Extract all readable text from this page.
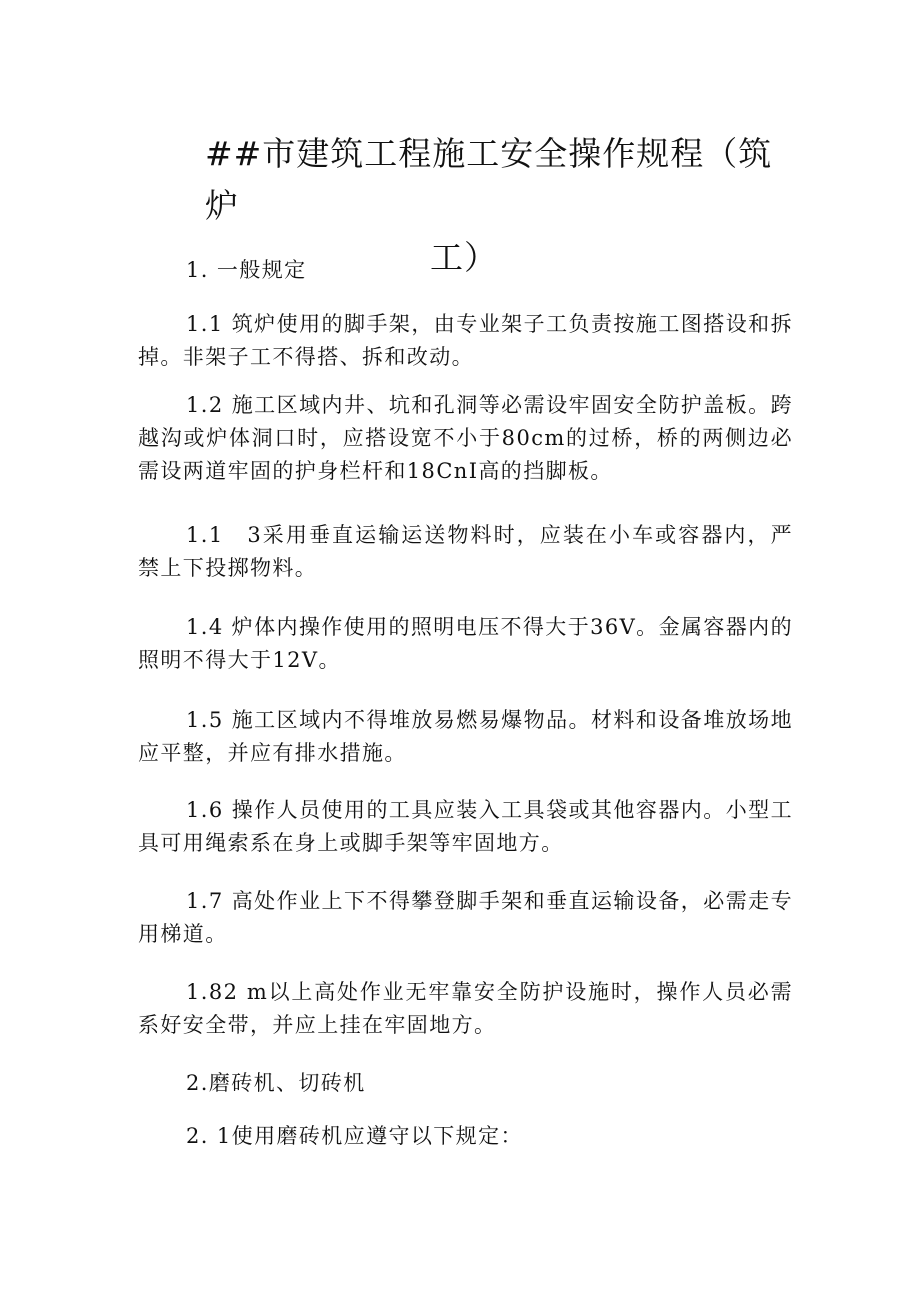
##市建筑工程施工安全操作规程（筑炉
工）

1. 一般规定

1.1 筑炉使用的脚手架，由专业架子工负责按施工图搭设和拆掉。非架子工不得搭、拆和改动。

1.2 施工区域内井、坑和孔洞等必需设牢固安全防护盖板。跨越沟或炉体洞口时，应搭设宽不小于80cm的过桥，桥的两侧边必需设两道牢固的护身栏杆和18CnI高的挡脚板。

1.1　3采用垂直运输运送物料时，应装在小车或容器内，严禁上下投掷物料。

1.4 炉体内操作使用的照明电压不得大于36V。金属容器内的照明不得大于12V。

1.5 施工区域内不得堆放易燃易爆物品。材料和设备堆放场地应平整，并应有排水措施。

1.6 操作人员使用的工具应装入工具袋或其他容器内。小型工具可用绳索系在身上或脚手架等牢固地方。

1.7 高处作业上下不得攀登脚手架和垂直运输设备，必需走专用梯道。

1.82 m以上高处作业无牢靠安全防护设施时，操作人员必需系好安全带，并应上挂在牢固地方。

2.磨砖机、切砖机

2. 1使用磨砖机应遵守以下规定：
